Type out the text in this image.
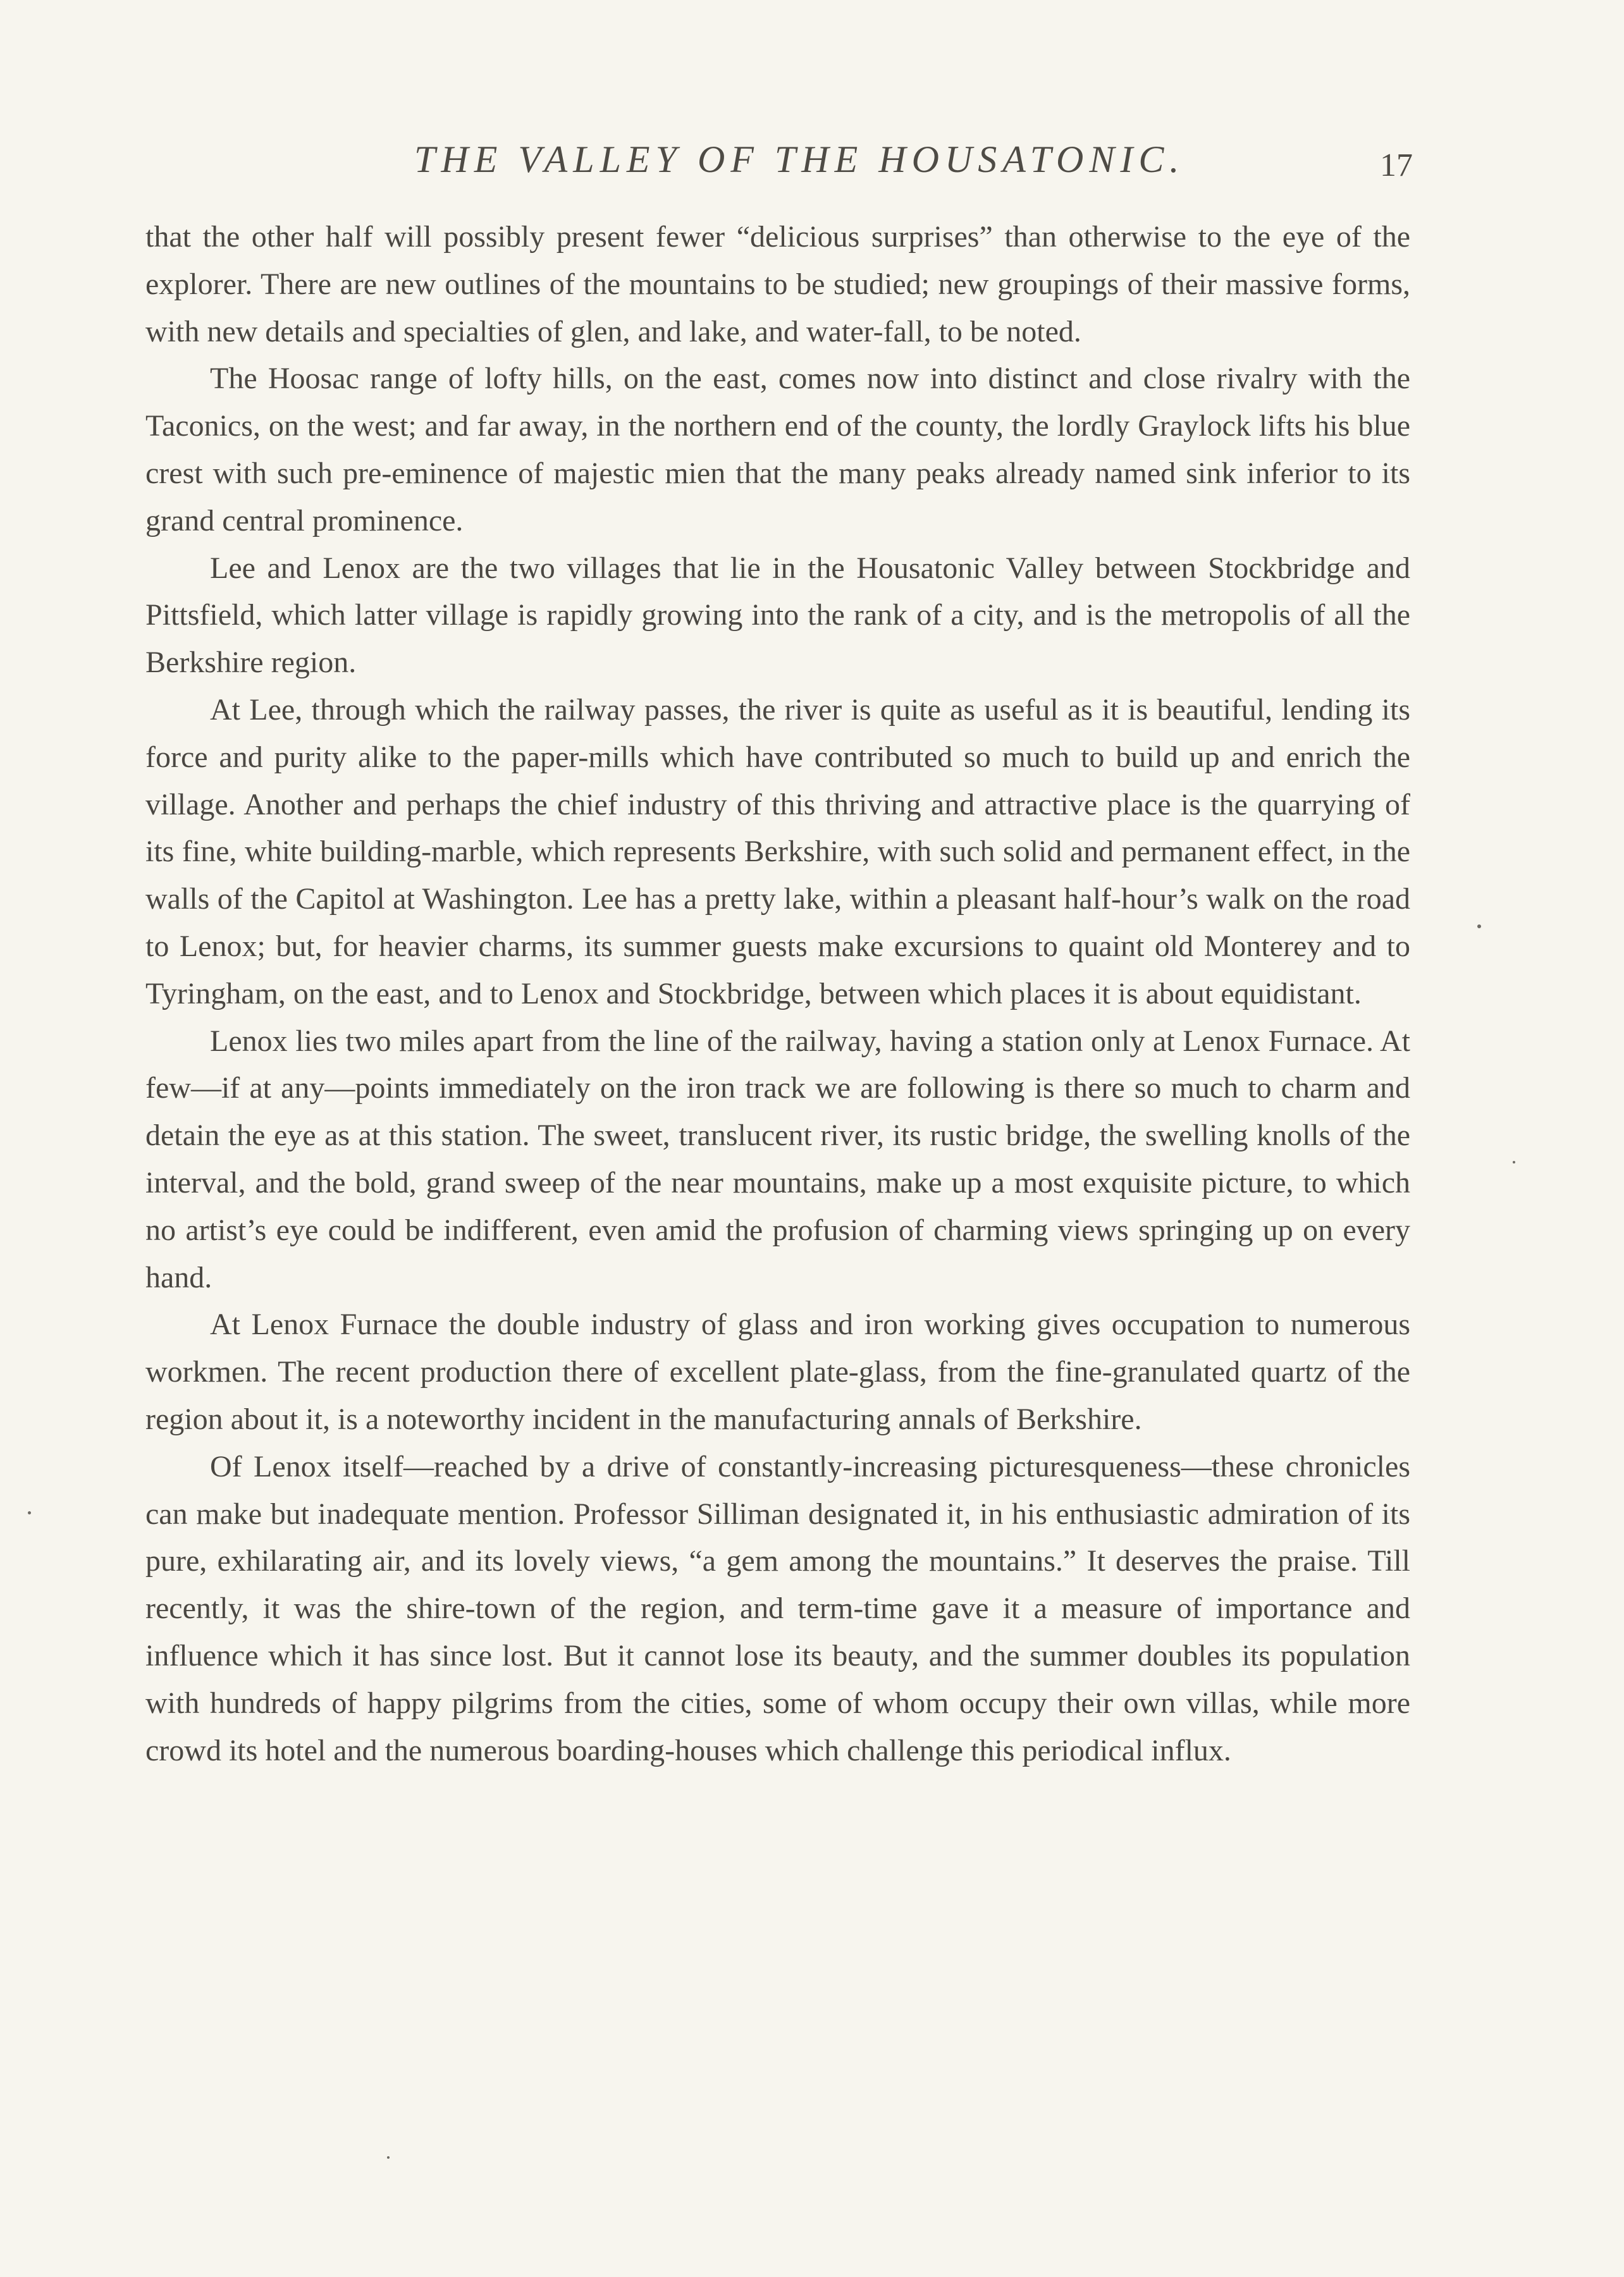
THE VALLEY OF THE HOUSATONIC.	17

that the other half will possibly present fewer “delicious surprises” than otherwise to the eye of the explorer. There are new outlines of the mountains to be studied; new groupings of their massive forms, with new details and specialties of glen, and lake, and water-fall, to be noted.

The Hoosac range of lofty hills, on the east, comes now into distinct and close rivalry with the Taconics, on the west; and far away, in the northern end of the county, the lordly Graylock lifts his blue crest with such pre-eminence of majestic mien that the many peaks already named sink inferior to its grand central prominence.

Lee and Lenox are the two villages that lie in the Housatonic Valley between Stockbridge and Pittsfield, which latter village is rapidly growing into the rank of a city, and is the metropolis of all the Berkshire region.

At Lee, through which the railway passes, the river is quite as useful as it is beautiful, lending its force and purity alike to the paper-mills which have contributed so much to build up and enrich the village. Another and perhaps the chief industry of this thriving and attractive place is the quarrying of its fine, white building-marble, which represents Berkshire, with such solid and permanent effect, in the walls of the Capitol at Washington. Lee has a pretty lake, within a pleasant half-hour’s walk on the road to Lenox; but, for heavier charms, its summer guests make excursions to quaint old Monterey and to Tyringham, on the east, and to Lenox and Stockbridge, between which places it is about equidistant.

Lenox lies two miles apart from the line of the railway, having a station only at Lenox Furnace. At few—if at any—points immediately on the iron track we are following is there so much to charm and detain the eye as at this station. The sweet, translucent river, its rustic bridge, the swelling knolls of the interval, and the bold, grand sweep of the near mountains, make up a most exquisite picture, to which no artist’s eye could be indifferent, even amid the profusion of charming views springing up on every hand.

At Lenox Furnace the double industry of glass and iron working gives occupation to numerous workmen. The recent production there of excellent plate-glass, from the fine-granulated quartz of the region about it, is a noteworthy incident in the manufacturing annals of Berkshire.

Of Lenox itself—reached by a drive of constantly-increasing picturesqueness—these chronicles can make but inadequate mention. Professor Silliman designated it, in his enthusiastic admiration of its pure, exhilarating air, and its lovely views, “a gem among the mountains.” It deserves the praise. Till recently, it was the shire-town of the region, and term-time gave it a measure of importance and influence which it has since lost. But it cannot lose its beauty, and the summer doubles its population with hundreds of happy pilgrims from the cities, some of whom occupy their own villas, while more crowd its hotel and the numerous boarding-houses which challenge this periodical influx.
